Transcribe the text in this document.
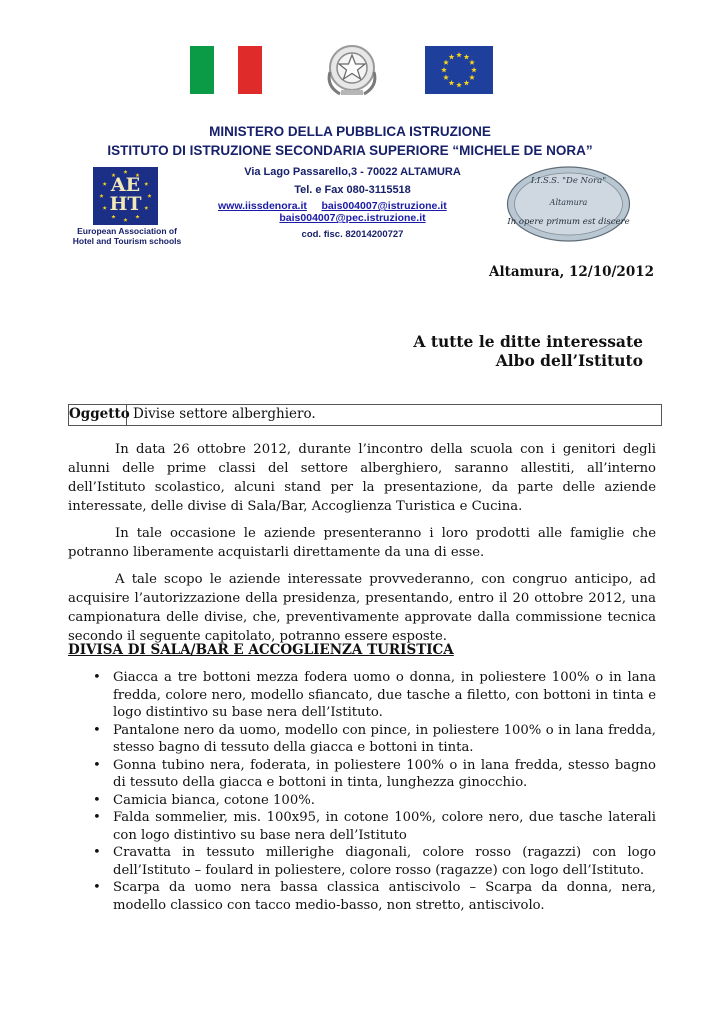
MINISTERO DELLA PUBBLICA ISTRUZIONE
ISTITUTO DI ISTRUZIONE SECONDARIA SUPERIORE “MICHELE DE NORA”
Via Lago Passarello,3 - 70022 ALTAMURA
Tel. e Fax 080-3115518
www.iissdenora.it bais004007@istruzione.it
bais004007@pec.istruzione.it
cod. fisc. 82014200727
AE
HT
European Association of
Hotel and Tourism schools
I.I.S.S. "De Nora"
Altamura
In opere primum est discere
Altamura, 12/10/2012
A tutte le ditte interessate
Albo dell’Istituto
Oggetto Divise settore alberghiero.

In data 26 ottobre 2012, durante l’incontro della scuola con i genitori degli alunni delle prime classi del settore alberghiero, saranno allestiti, all’interno dell’Istituto scolastico, alcuni stand per la presentazione, da parte delle aziende interessate, delle divise di Sala/Bar, Accoglienza Turistica e Cucina.

In tale occasione le aziende presenteranno i loro prodotti alle famiglie che potranno liberamente acquistarli direttamente da una di esse.

A tale scopo le aziende interessate provvederanno, con congruo anticipo, ad acquisire l’autorizzazione della presidenza, presentando, entro il 20 ottobre 2012, una campionatura delle divise, che, preventivamente approvate dalla commissione tecnica secondo il seguente capitolato, potranno essere esposte.

DIVISA DI SALA/BAR E ACCOGLIENZA TURISTICA
• Giacca a tre bottoni mezza fodera uomo o donna, in poliestere 100% o in lana fredda, colore nero, modello sfiancato, due tasche a filetto, con bottoni in tinta e logo distintivo su base nera dell’Istituto.
• Pantalone nero da uomo, modello con pince, in poliestere 100% o in lana fredda, stesso bagno di tessuto della giacca e bottoni in tinta.
• Gonna tubino nera, foderata, in poliestere 100% o in lana fredda, stesso bagno di tessuto della giacca e bottoni in tinta, lunghezza ginocchio.
• Camicia bianca, cotone 100%.
• Falda sommelier, mis. 100x95, in cotone 100%, colore nero, due tasche laterali con logo distintivo su base nera dell’Istituto
• Cravatta in tessuto millerighe diagonali, colore rosso (ragazzi) con logo dell’Istituto – foulard in poliestere, colore rosso (ragazze) con logo dell’Istituto.
• Scarpa da uomo nera bassa classica antiscivolo – Scarpa da donna, nera, modello classico con tacco medio-basso, non stretto, antiscivolo.
